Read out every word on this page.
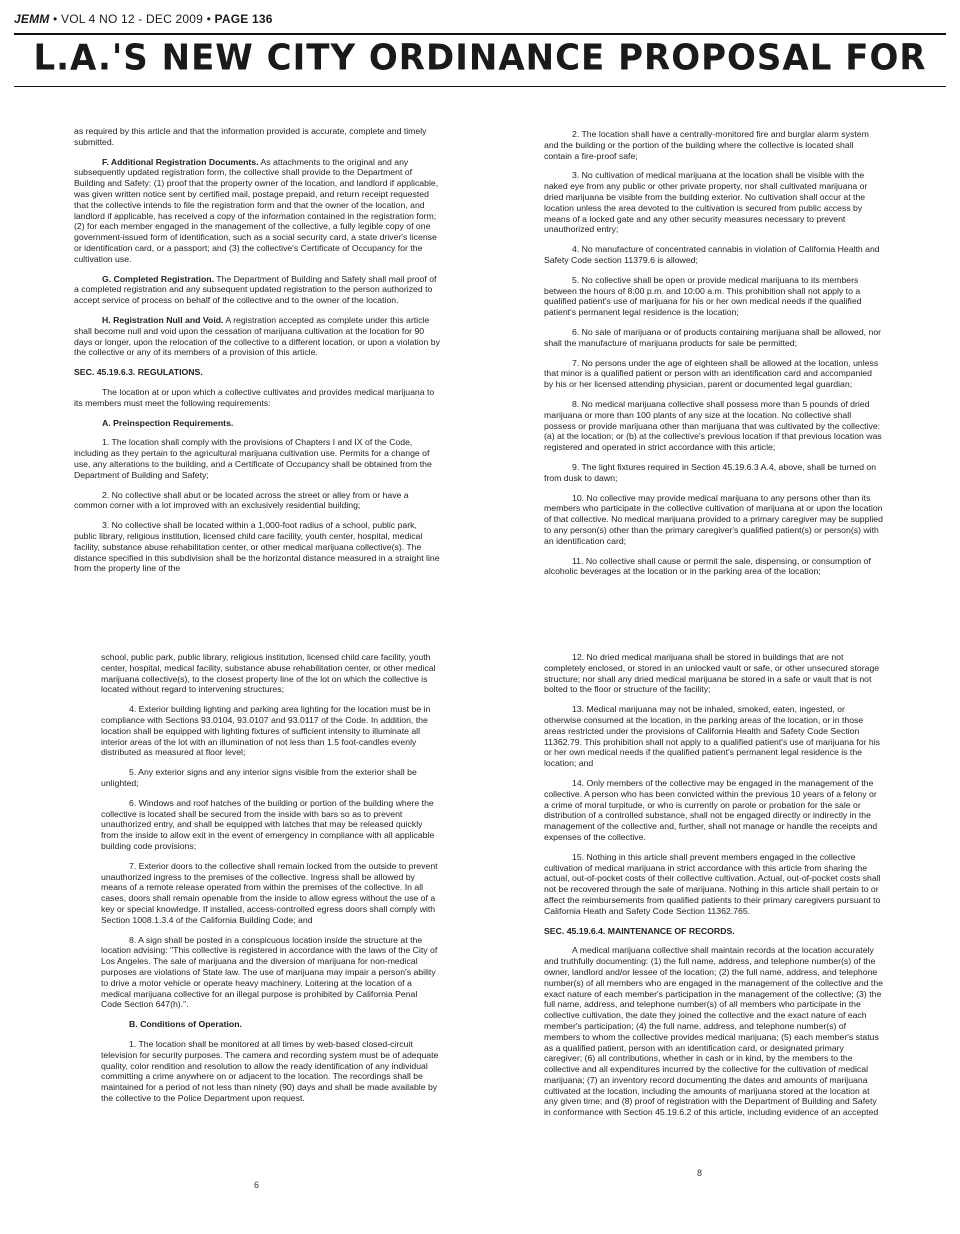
JEMM • VOL 4 NO 12 - DEC 2009 • PAGE 136
L.A.'S NEW CITY ORDINANCE PROPOSAL FOR

as required by this article and that the information provided is accurate, complete and timely submitted.

F. Additional Registration Documents. As attachments to the original and any subsequently updated registration form, the collective shall provide to the Department of Building and Safety: (1) proof that the property owner of the location, and landlord if applicable, was given written notice sent by certified mail, postage prepaid, and return receipt requested that the collective intends to file the registration form and that the owner of the location, and landlord if applicable, has received a copy of the information contained in the registration form; (2) for each member engaged in the management of the collective, a fully legible copy of one government-issued form of identification, such as a social security card, a state driver's license or identification card, or a passport; and (3) the collective's Certificate of Occupancy for the cultivation use.

G. Completed Registration. The Department of Building and Safety shall mail proof of a completed registration and any subsequent updated registration to the person authorized to accept service of process on behalf of the collective and to the owner of the location.

H. Registration Null and Void. A registration accepted as complete under this article shall become null and void upon the cessation of marijuana cultivation at the location for 90 days or longer, upon the relocation of the collective to a different location, or upon a violation by the collective or any of its members of a provision of this article.

SEC. 45.19.6.3. REGULATIONS.

The location at or upon which a collective cultivates and provides medical marijuana to its members must meet the following requirements:

A. Preinspection Requirements.

1. The location shall comply with the provisions of Chapters I and IX of the Code, including as they pertain to the agricultural marijuana cultivation use. Permits for a change of use, any alterations to the building, and a Certificate of Occupancy shall be obtained from the Department of Building and Safety;

2. No collective shall abut or be located across the street or alley from or have a common corner with a lot improved with an exclusively residential building;

3. No collective shall be located within a 1,000-foot radius of a school, public park, public library, religious institution, licensed child care facility, youth center, hospital, medical facility, substance abuse rehabilitation center, or other medical marijuana collective(s). The distance specified in this subdivision shall be the horizontal distance measured in a straight line from the property line of the

2. The location shall have a centrally-monitored fire and burglar alarm system and the building or the portion of the building where the collective is located shall contain a fire-proof safe;

3. No cultivation of medical marijuana at the location shall be visible with the naked eye from any public or other private property, nor shall cultivated marijuana or dried marijuana be visible from the building exterior. No cultivation shall occur at the location unless the area devoted to the cultivation is secured from public access by means of a locked gate and any other security measures necessary to prevent unauthorized entry;

4. No manufacture of concentrated cannabis in violation of California Health and Safety Code section 11379.6 is allowed;

5. No collective shall be open or provide medical marijuana to its members between the hours of 8:00 p.m. and 10:00 a.m. This prohibition shall not apply to a qualified patient's use of marijuana for his or her own medical needs if the qualified patient's permanent legal residence is the location;

6. No sale of marijuana or of products containing marijuana shall be allowed, nor shall the manufacture of marijuana products for sale be permitted;

7. No persons under the age of eighteen shall be allowed at the location, unless that minor is a qualified patient or person with an identification card and accompanied by his or her licensed attending physician, parent or documented legal guardian;

8. No medical marijuana collective shall possess more than 5 pounds of dried marijuana or more than 100 plants of any size at the location. No collective shall possess or provide marijuana other than marijuana that was cultivated by the collective: (a) at the location; or (b) at the collective's previous location if that previous location was registered and operated in strict accordance with this article;

9. The light fixtures required in Section 45.19.6.3 A.4, above, shall be turned on from dusk to dawn;

10. No collective may provide medical marijuana to any persons other than its members who participate in the collective cultivation of marijuana at or upon the location of that collective. No medical marijuana provided to a primary caregiver may be supplied to any person(s) other than the primary caregiver's qualified patient(s) or person(s) with an identification card;

11. No collective shall cause or permit the sale, dispensing, or consumption of alcoholic beverages at the location or in the parking area of the location;

school, public park, public library, religious institution, licensed child care facility, youth center, hospital, medical facility, substance abuse rehabilitation center, or other medical marijuana collective(s), to the closest property line of the lot on which the collective is located without regard to intervening structures;

4. Exterior building lighting and parking area lighting for the location must be in compliance with Sections 93.0104, 93.0107 and 93.0117 of the Code. In addition, the location shall be equipped with lighting fixtures of sufficient intensity to illuminate all interior areas of the lot with an illumination of not less than 1.5 foot-candles evenly distributed as measured at floor level;

5. Any exterior signs and any interior signs visible from the exterior shall be unlighted;

6. Windows and roof hatches of the building or portion of the building where the collective is located shall be secured from the inside with bars so as to prevent unauthorized entry, and shall be equipped with latches that may be released quickly from the inside to allow exit in the event of emergency in compliance with all applicable building code provisions;

7. Exterior doors to the collective shall remain locked from the outside to prevent unauthorized ingress to the premises of the collective. Ingress shall be allowed by means of a remote release operated from within the premises of the collective. In all cases, doors shall remain openable from the inside to allow egress without the use of a key or special knowledge. If installed, access-controlled egress doors shall comply with Section 1008.1.3.4 of the California Building Code; and

8. A sign shall be posted in a conspicuous location inside the structure at the location advising: "This collective is registered in accordance with the laws of the City of Los Angeles. The sale of marijuana and the diversion of marijuana for non-medical purposes are violations of State law. The use of marijuana may impair a person's ability to drive a motor vehicle or operate heavy machinery. Loitering at the location of a medical marijuana collective for an illegal purpose is prohibited by California Penal Code Section 647(h).".

B. Conditions of Operation.

1. The location shall be monitored at all times by web-based closed-circuit television for security purposes. The camera and recording system must be of adequate quality, color rendition and resolution to allow the ready identification of any individual committing a crime anywhere on or adjacent to the location. The recordings shall be maintained for a period of not less than ninety (90) days and shall be made available by the collective to the Police Department upon request.

12. No dried medical marijuana shall be stored in buildings that are not completely enclosed, or stored in an unlocked vault or safe, or other unsecured storage structure; nor shall any dried medical marijuana be stored in a safe or vault that is not bolted to the floor or structure of the facility;

13. Medical marijuana may not be inhaled, smoked, eaten, ingested, or otherwise consumed at the location, in the parking areas of the location, or in those areas restricted under the provisions of California Health and Safety Code Section 11362.79. This prohibition shall not apply to a qualified patient's use of marijuana for his or her own medical needs if the qualified patient's permanent legal residence is the location; and

14. Only members of the collective may be engaged in the management of the collective. A person who has been convicted within the previous 10 years of a felony or a crime of moral turpitude, or who is currently on parole or probation for the sale or distribution of a controlled substance, shall not be engaged directly or indirectly in the management of the collective and, further, shall not manage or handle the receipts and expenses of the collective.

15. Nothing in this article shall prevent members engaged in the collective cultivation of medical marijuana in strict accordance with this article from sharing the actual, out-of-pocket costs of their collective cultivation. Actual, out-of-pocket costs shall not be recovered through the sale of marijuana. Nothing in this article shall pertain to or affect the reimbursements from qualified patients to their primary caregivers pursuant to California Heath and Safety Code Section 11362.765.

SEC. 45.19.6.4. MAINTENANCE OF RECORDS.

A medical marijuana collective shall maintain records at the location accurately and truthfully documenting: (1) the full name, address, and telephone number(s) of the owner, landlord and/or lessee of the location; (2) the full name, address, and telephone number(s) of all members who are engaged in the management of the collective and the exact nature of each member's participation in the management of the collective; (3) the full name, address, and telephone number(s) of all members who participate in the collective cultivation, the date they joined the collective and the exact nature of each member's participation; (4) the full name, address, and telephone number(s) of members to whom the collective provides medical marijuana; (5) each member's status as a qualified patient, person with an identification card, or designated primary caregiver; (6) all contributions, whether in cash or in kind, by the members to the collective and all expenditures incurred by the collective for the cultivation of medical marijuana; (7) an inventory record documenting the dates and amounts of marijuana cultivated at the location, including the amounts of marijuana stored at the location at any given time; and (8) proof of registration with the Department of Building and Safety in conformance with Section 45.19.6.2 of this article, including evidence of an accepted

6
8
